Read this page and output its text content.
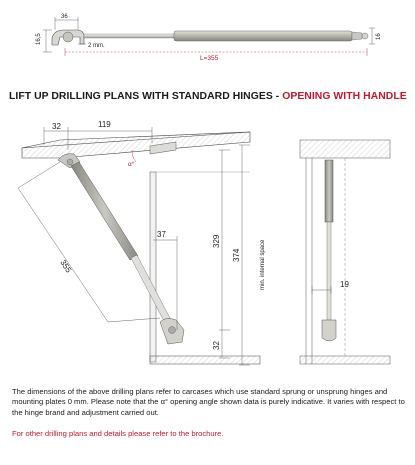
36
16,5
2 mm.
L=355
16
32	119
α°
355
37
329
374	min. internal space
32
19
LIFT UP DRILLING PLANS WITH STANDARD HINGES - OPENING WITH HANDLE

The dimensions of the above drilling plans refer to carcases which use standard sprung or unsprung hinges and mounting plates 0 mm. Please note that the α° opening angle shown data is purely indicative. It varies with respect to the hinge brand and adjustment carried out.

For other drilling plans and details please refer to the brochure.
